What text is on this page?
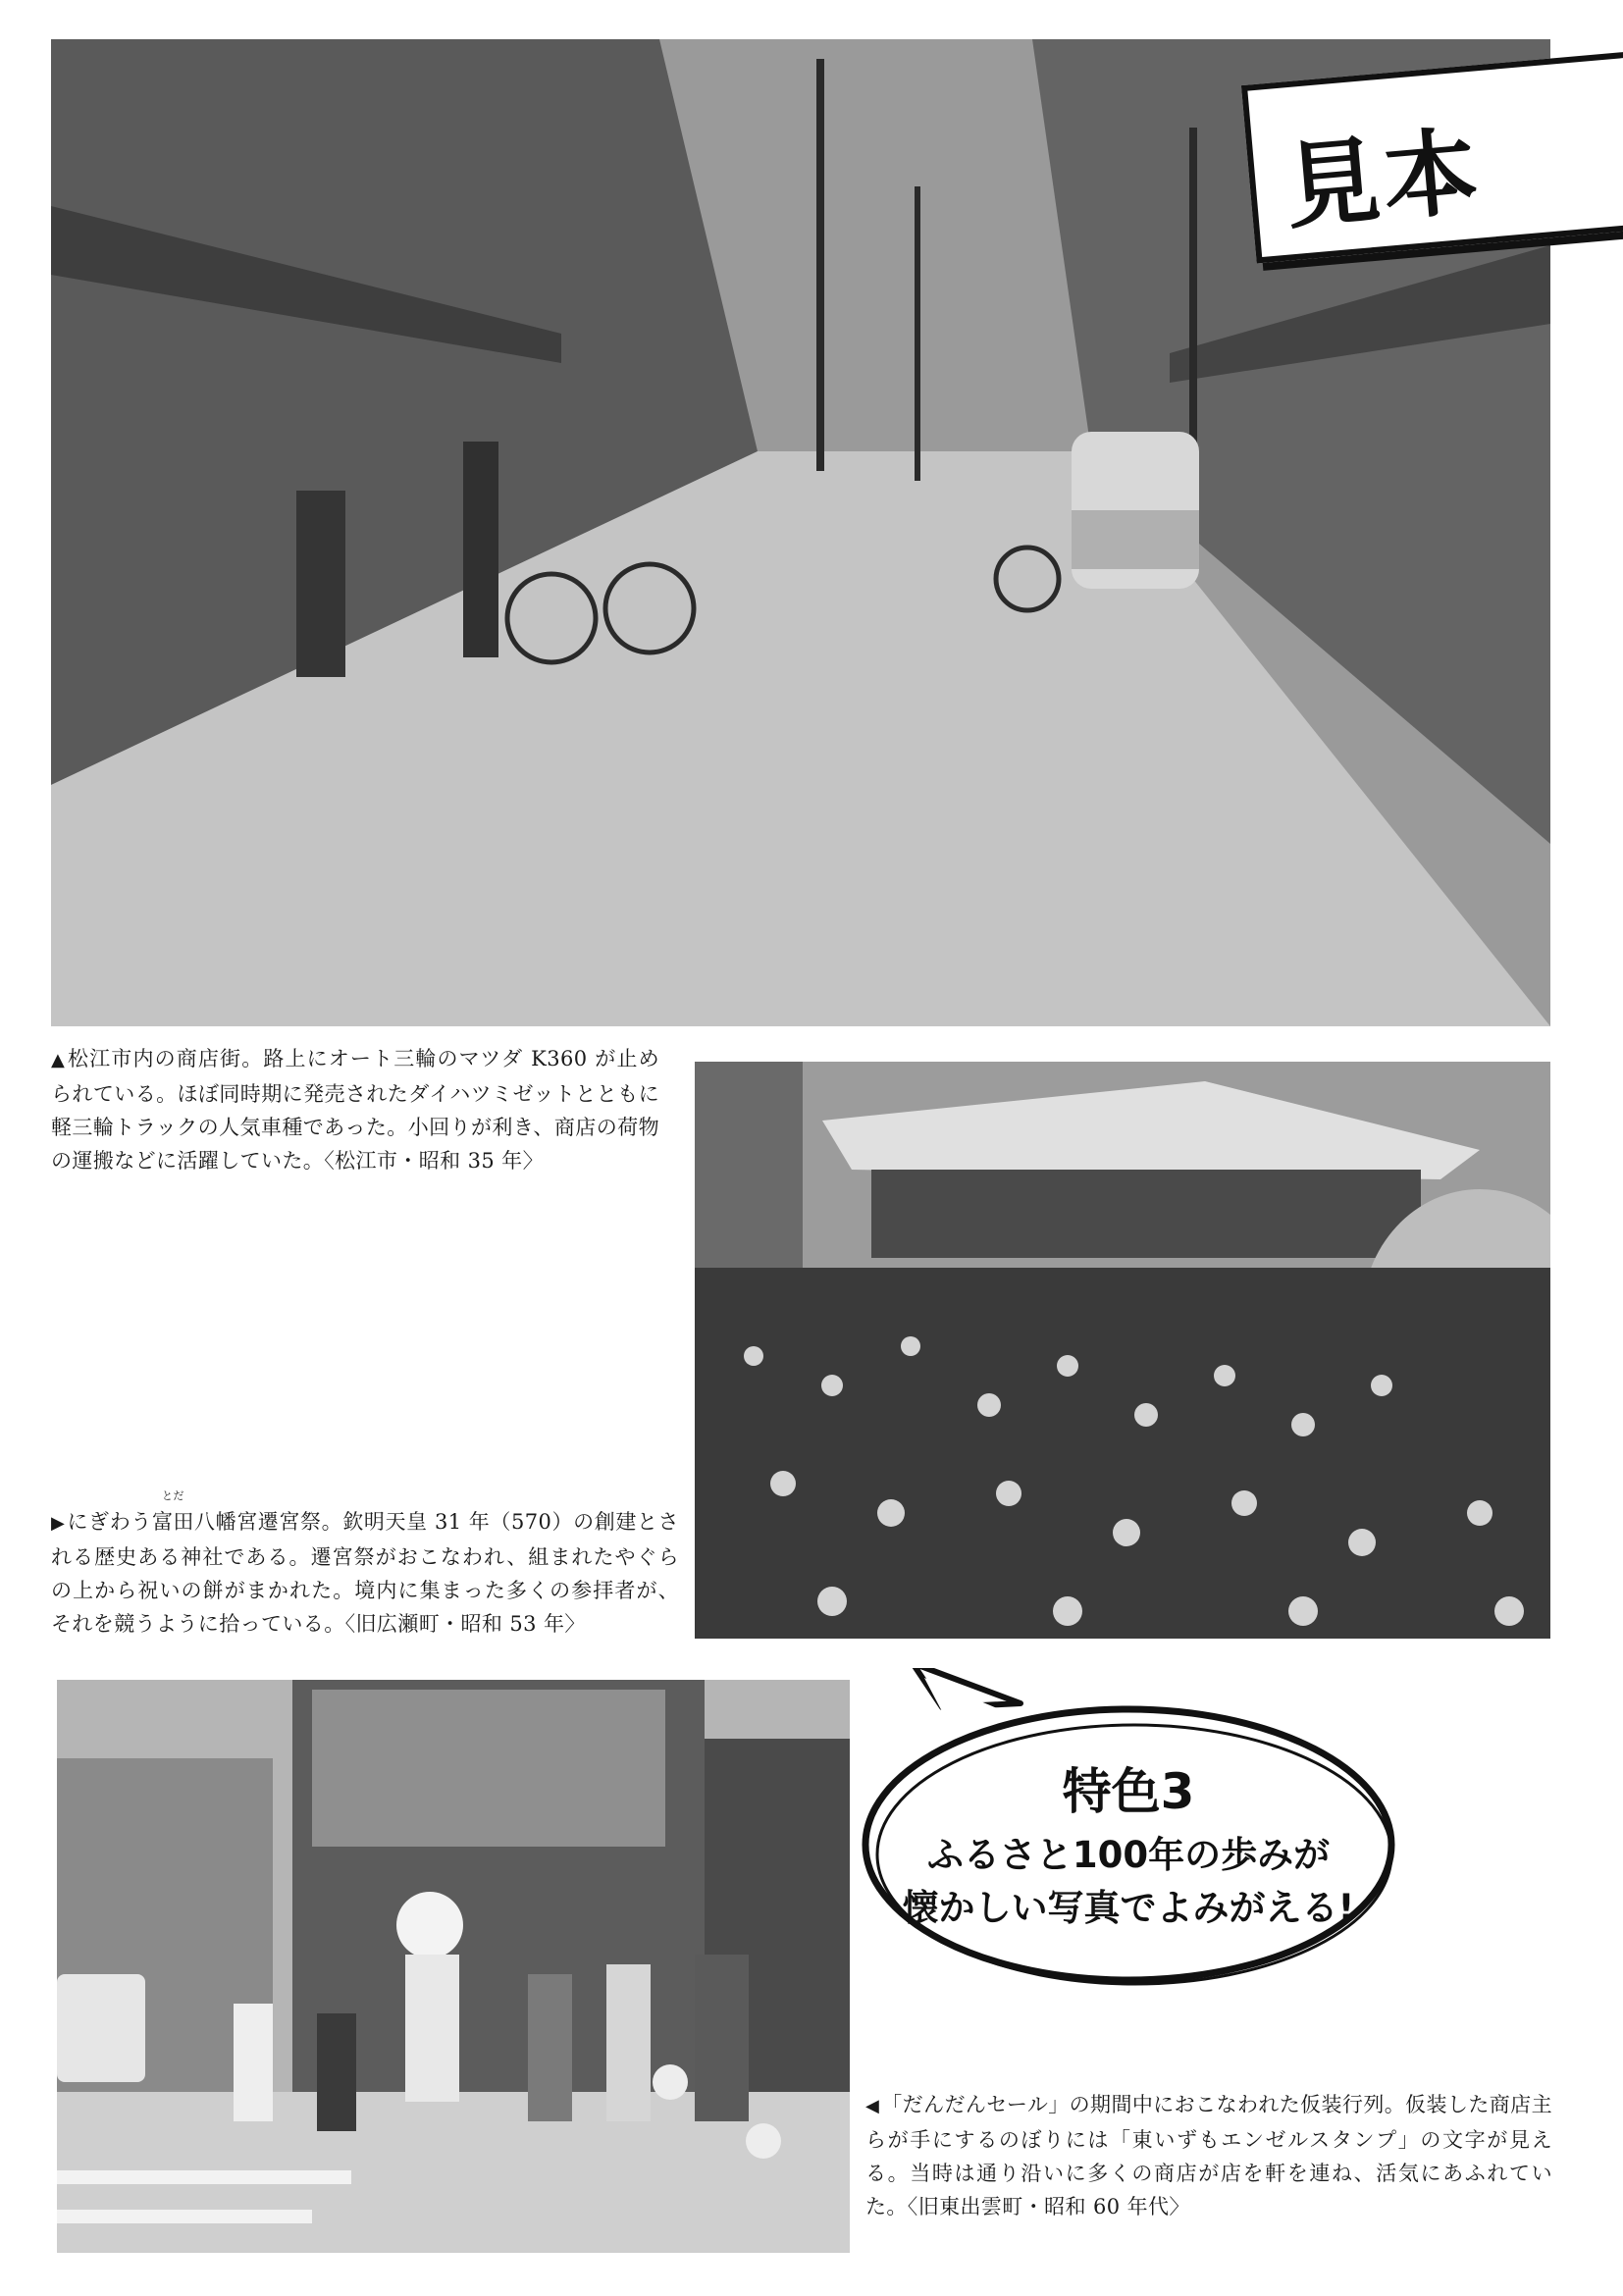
見本
▲松江市内の商店街。路上にオート三輪のマツダ K360 が止められている。ほぼ同時期に発売されたダイハツミゼットとともに軽三輪トラックの人気車種であった。小回りが利き、商店の荷物の運搬などに活躍していた。〈松江市・昭和 35 年〉
▶にぎわう富田
とだ
八幡宮遷宮祭。欽明天皇 31 年（570）の創建とされる歴史ある神社である。遷宮祭がおこなわれ、組まれたやぐらの上から祝いの餅がまかれた。境内に集まった多くの参拝者が、それを競うように拾っている。〈旧広瀬町・昭和 53 年〉
特色3
ふるさと100年の歩みが
懐かしい写真でよみがえる!
◀「だんだんセール」の期間中におこなわれた仮装行列。仮装した商店主らが手にするのぼりには「東いずもエンゼルスタンプ」の文字が見える。当時は通り沿いに多くの商店が店を軒を連ね、活気にあふれていた。〈旧東出雲町・昭和 60 年代〉
